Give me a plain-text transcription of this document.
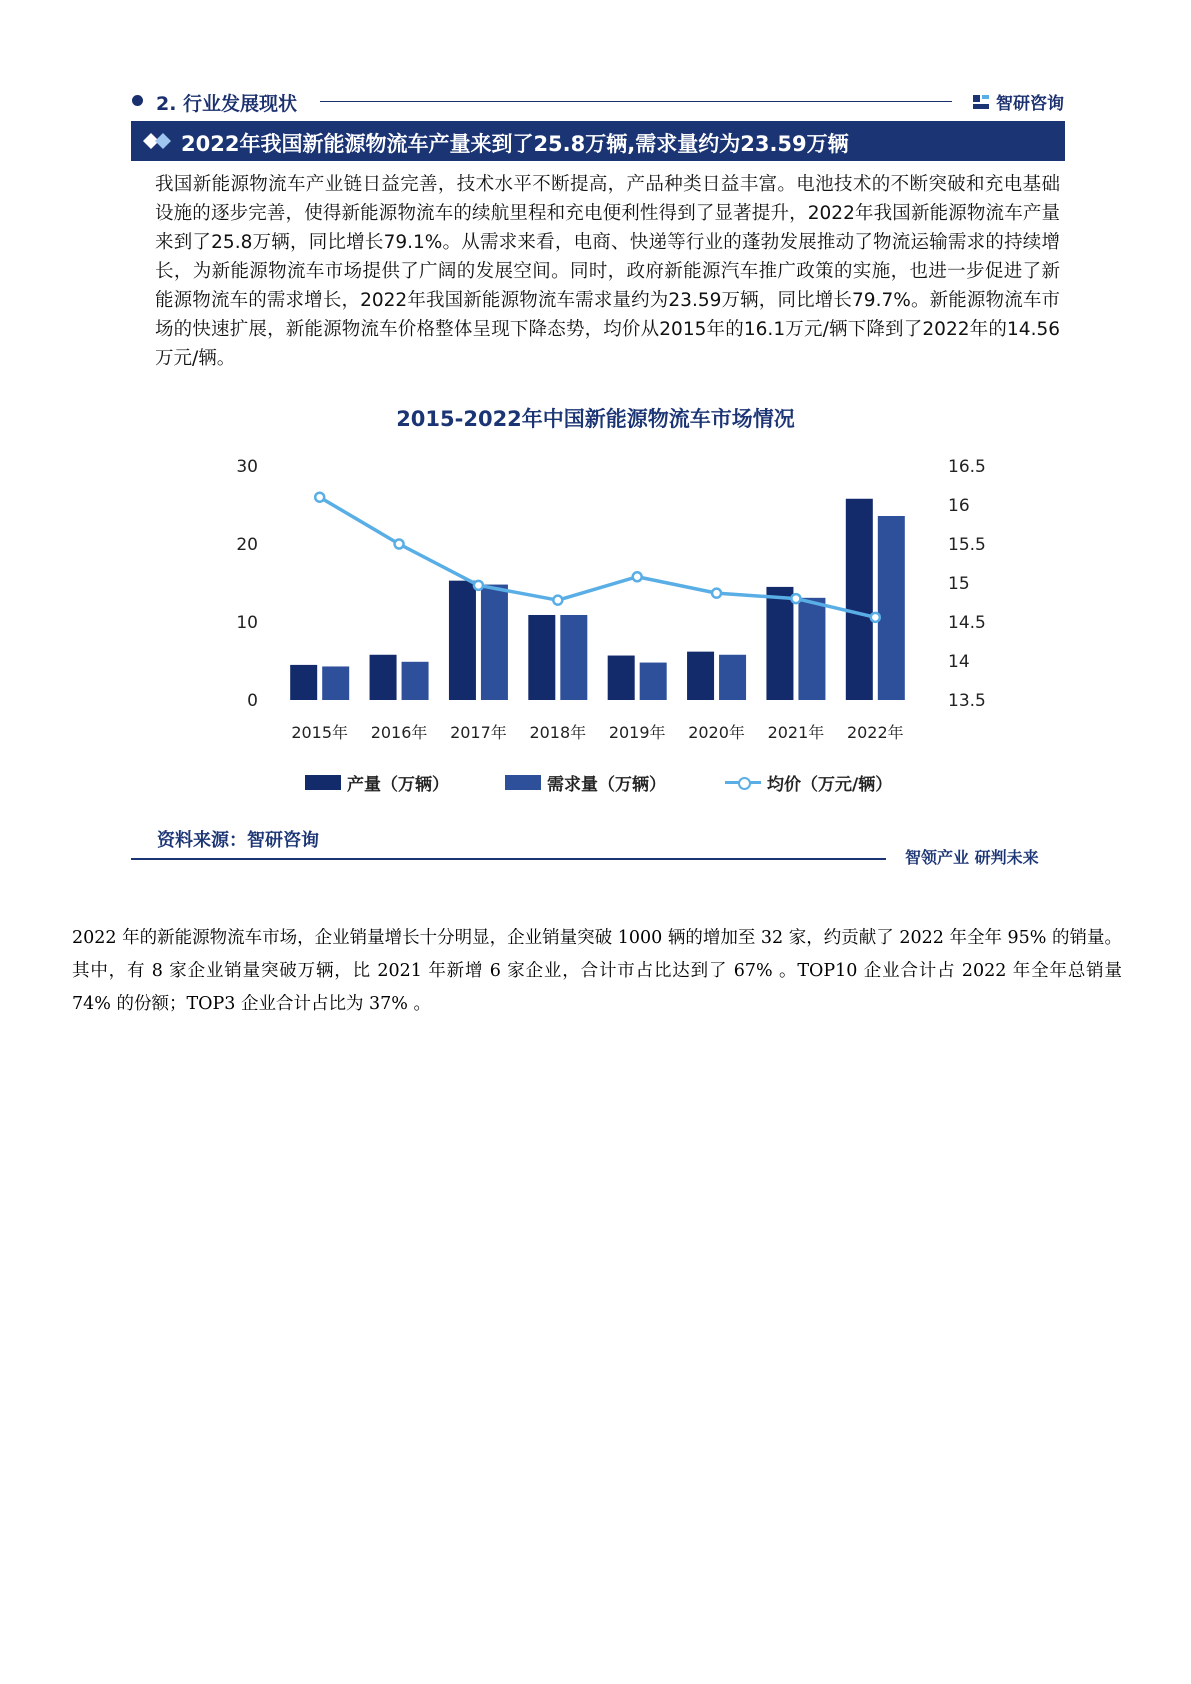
2. 行业发展现状	智研咨询
2022年我国新能源物流车产量来到了25.8万辆,需求量约为23.59万辆

我国新能源物流车产业链日益完善，技术水平不断提高，产品种类日益丰富。电池技术的不断突破和充电基础设施的逐步完善，使得新能源物流车的续航里程和充电便利性得到了显著提升，2022年我国新能源物流车产量来到了25.8万辆，同比增长79.1%。从需求来看，电商、快递等行业的蓬勃发展推动了物流运输需求的持续增长，为新能源物流车市场提供了广阔的发展空间。同时，政府新能源汽车推广政策的实施，也进一步促进了新能源物流车的需求增长，2022年我国新能源物流车需求量约为23.59万辆，同比增长79.7%。新能源物流车市场的快速扩展，新能源物流车价格整体呈现下降态势，均价从2015年的16.1万元/辆下降到了2022年的14.56万元/辆。

2015-2022年中国新能源物流车市场情况
0
10
20
30
13.5
14
14.5
15
15.5
16
16.5
2015年 2016年 2017年 2018年 2019年 2020年 2021年 2022年
产量（万辆）	需求量（万辆）	均价（万元/辆）
资料来源：智研咨询
智领产业 研判未来

2022 年的新能源物流车市场，企业销量增长十分明显，企业销量突破 1000 辆的增加至 32 家，约贡献了 2022 年全年 95% 的销量。其中，有 8 家企业销量突破万辆，比 2021 年新增 6 家企业，合计市占比达到了 67% 。TOP10 企业合计占 2022 年全年总销量 74% 的份额；TOP3 企业合计占比为 37% 。
